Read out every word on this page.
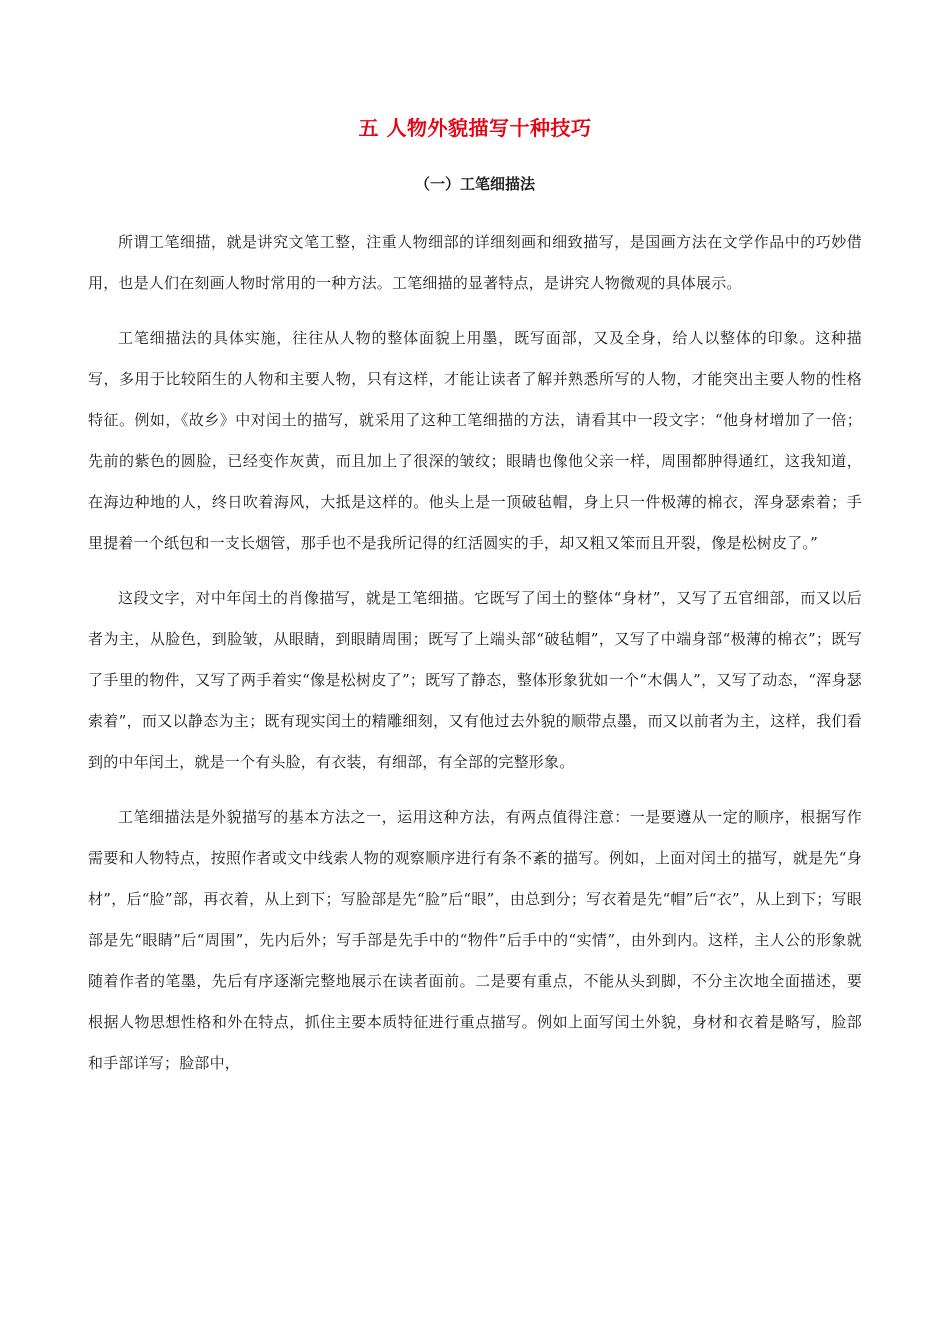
五 人物外貌描写十种技巧
（一）工笔细描法

所谓工笔细描，就是讲究文笔工整，注重人物细部的详细刻画和细致描写，是国画方法在文学作品中的巧妙借用，也是人们在刻画人物时常用的一种方法。工笔细描的显著特点，是讲究人物微观的具体展示。

工笔细描法的具体实施，往往从人物的整体面貌上用墨，既写面部，又及全身，给人以整体的印象。这种描写，多用于比较陌生的人物和主要人物，只有这样，才能让读者了解并熟悉所写的人物，才能突出主要人物的性格特征。例如，《故乡》中对闰土的描写，就采用了这种工笔细描的方法，请看其中一段文字：“他身材增加了一倍；先前的紫色的圆脸，已经变作灰黄，而且加上了很深的皱纹；眼睛也像他父亲一样，周围都肿得通红，这我知道，在海边种地的人，终日吹着海风，大抵是这样的。他头上是一顶破毡帽，身上只一件极薄的棉衣，浑身瑟索着；手里提着一个纸包和一支长烟管，那手也不是我所记得的红活圆实的手，却又粗又笨而且开裂，像是松树皮了。”

这段文字，对中年闰土的肖像描写，就是工笔细描。它既写了闰土的整体“身材”，又写了五官细部，而又以后者为主，从脸色，到脸皱，从眼睛，到眼睛周围；既写了上端头部“破毡帽”，又写了中端身部“极薄的棉衣”；既写了手里的物件，又写了两手着实“像是松树皮了”；既写了静态，整体形象犹如一个“木偶人”，又写了动态，“浑身瑟索着”，而又以静态为主；既有现实闰土的精雕细刻，又有他过去外貌的顺带点墨，而又以前者为主，这样，我们看到的中年闰土，就是一个有头脸，有衣装，有细部，有全部的完整形象。

工笔细描法是外貌描写的基本方法之一，运用这种方法，有两点值得注意：一是要遵从一定的顺序，根据写作需要和人物特点，按照作者或文中线索人物的观察顺序进行有条不紊的描写。例如，上面对闰土的描写，就是先“身材”，后“脸”部，再衣着，从上到下；写脸部是先“脸”后“眼”，由总到分；写衣着是先“帽”后“衣”，从上到下；写眼部是先“眼睛”后“周围”，先内后外；写手部是先手中的“物件”后手中的“实情”，由外到内。这样，主人公的形象就随着作者的笔墨，先后有序逐渐完整地展示在读者面前。二是要有重点，不能从头到脚，不分主次地全面描述，要根据人物思想性格和外在特点，抓住主要本质特征进行重点描写。例如上面写闰土外貌，身材和衣着是略写，脸部和手部详写；脸部中，
